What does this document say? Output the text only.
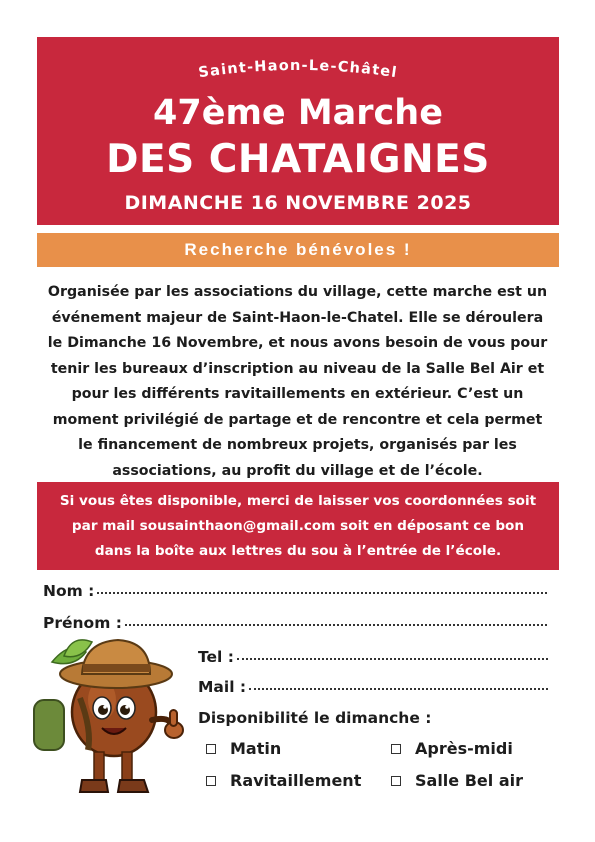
Saint-Haon-Le-Châtel
47ème Marche
DES CHATAIGNES
DIMANCHE 16 NOVEMBRE 2025
Recherche bénévoles !
Organisée par les associations du village, cette marche est un
événement majeur de Saint-Haon-le-Chatel. Elle se déroulera
le Dimanche 16 Novembre, et nous avons besoin de vous pour
tenir les bureaux d’inscription au niveau de la Salle Bel Air et
pour les différents ravitaillements en extérieur. C’est un
moment privilégié de partage et de rencontre et cela permet
le financement de nombreux projets, organisés par les
associations, au profit du village et de l’école.
Si vous êtes disponible, merci de laisser vos coordonnées soit
par mail sousainthaon@gmail.com soit en déposant ce bon
dans la boîte aux lettres du sou à l’entrée de l’école.
Nom :
Prénom :
Tel :
Mail :
Disponibilité le dimanche :
Matin	Après-midi
Ravitaillement	Salle Bel air
